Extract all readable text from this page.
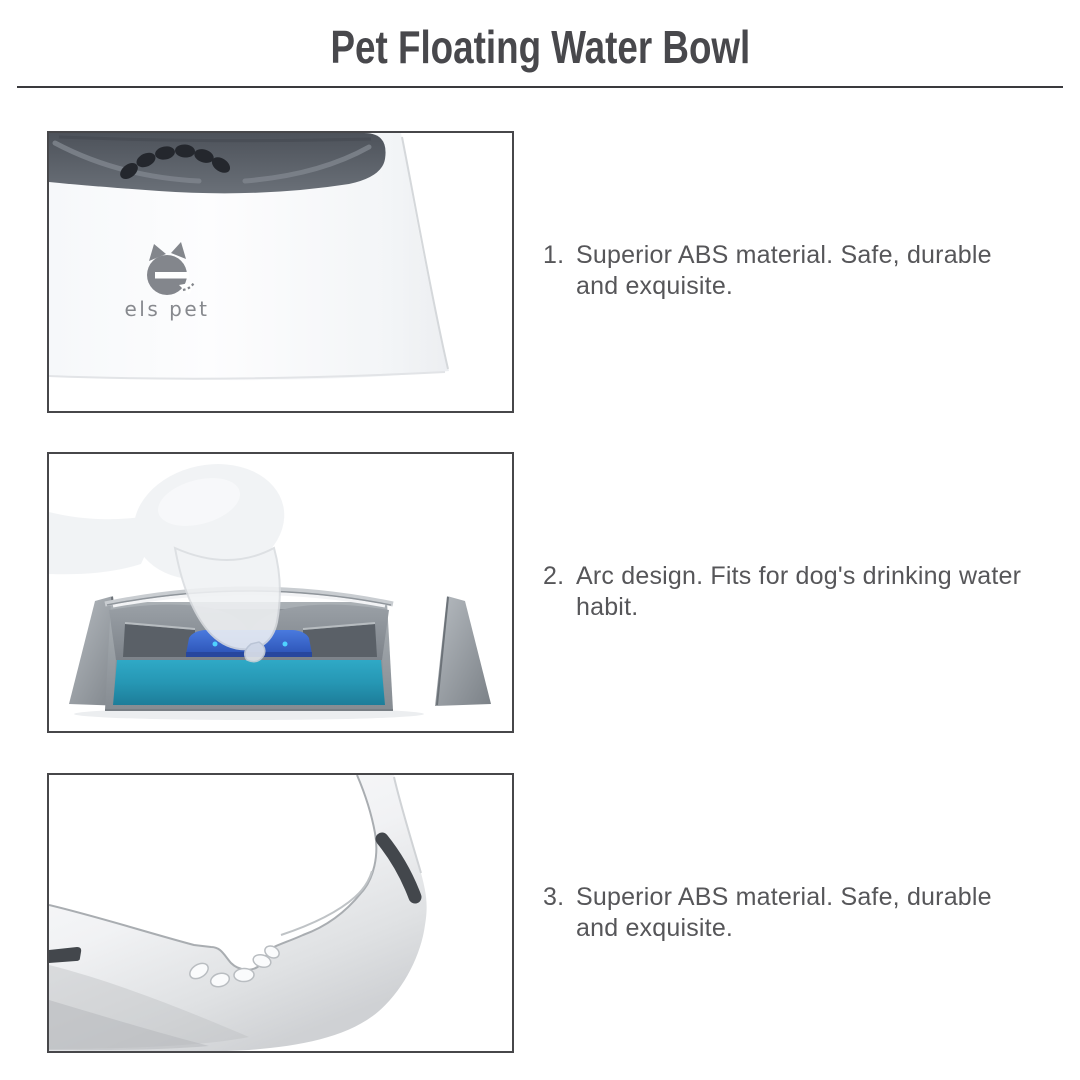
Pet Floating Water Bowl
els pet
1. Superior ABS material. Safe, durable
and exquisite.
2. Arc design. Fits for dog's drinking water
habit.
3. Superior ABS material. Safe, durable
and exquisite.
